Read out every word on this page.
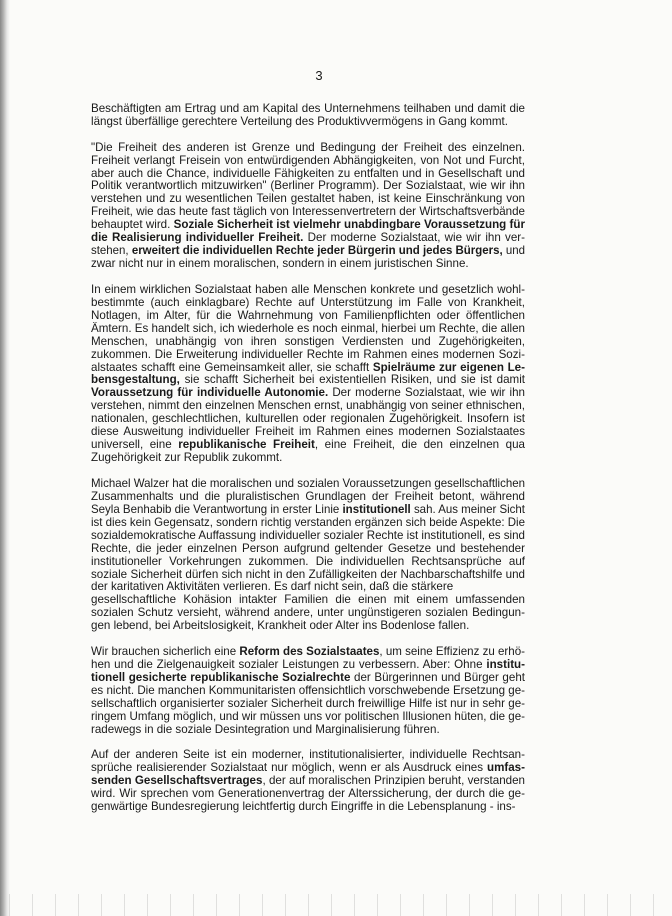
3

Beschäftigten am Ertrag und am Kapital des Unternehmens teilhaben und damit die
längst überfällige gerechtere Verteilung des Produktivvermögens in Gang kommt.

"Die Freiheit des anderen ist Grenze und Bedingung der Freiheit des einzelnen.
Freiheit verlangt Freisein von entwürdigenden Abhängigkeiten, von Not und Furcht,
aber auch die Chance, individuelle Fähigkeiten zu entfalten und in Gesellschaft und
Politik verantwortlich mitzuwirken" (Berliner Programm). Der Sozialstaat, wie wir ihn
verstehen und zu wesentlichen Teilen gestaltet haben, ist keine Einschränkung von
Freiheit, wie das heute fast täglich von Interessenvertretern der Wirtschaftsverbände
behauptet wird. Soziale Sicherheit ist vielmehr unabdingbare Voraussetzung für
die Realisierung individueller Freiheit. Der moderne Sozialstaat, wie wir ihn ver-
stehen, erweitert die individuellen Rechte jeder Bürgerin und jedes Bürgers, und
zwar nicht nur in einem moralischen, sondern in einem juristischen Sinne.

In einem wirklichen Sozialstaat haben alle Menschen konkrete und gesetzlich wohl-
bestimmte (auch einklagbare) Rechte auf Unterstützung im Falle von Krankheit,
Notlagen, im Alter, für die Wahrnehmung von Familienpflichten oder öffentlichen
Ämtern. Es handelt sich, ich wiederhole es noch einmal, hierbei um Rechte, die allen
Menschen, unabhängig von ihren sonstigen Verdiensten und Zugehörigkeiten,
zukommen. Die Erweiterung individueller Rechte im Rahmen eines modernen Sozi-
alstaates schafft eine Gemeinsamkeit aller, sie schafft Spielräume zur eigenen Le-
bensgestaltung, sie schafft Sicherheit bei existentiellen Risiken, und sie ist damit
Voraussetzung für individuelle Autonomie. Der moderne Sozialstaat, wie wir ihn
verstehen, nimmt den einzelnen Menschen ernst, unabhängig von seiner ethnischen,
nationalen, geschlechtlichen, kulturellen oder regionalen Zugehörigkeit. Insofern ist
diese Ausweitung individueller Freiheit im Rahmen eines modernen Sozialstaates
universell, eine republikanische Freiheit, eine Freiheit, die den einzelnen qua
Zugehörigkeit zur Republik zukommt.

Michael Walzer hat die moralischen und sozialen Voraussetzungen gesellschaftlichen
Zusammenhalts und die pluralistischen Grundlagen der Freiheit betont, während
Seyla Benhabib die Verantwortung in erster Linie institutionell sah. Aus meiner Sicht
ist dies kein Gegensatz, sondern richtig verstanden ergänzen sich beide Aspekte: Die
sozialdemokratische Auffassung individueller sozialer Rechte ist institutionell, es sind
Rechte, die jeder einzelnen Person aufgrund geltender Gesetze und bestehender
institutioneller Vorkehrungen zukommen. Die individuellen Rechtsansprüche auf
soziale Sicherheit dürfen sich nicht in den Zufälligkeiten der Nachbarschaftshilfe und
der karitativen Aktivitäten verlieren. Es darf nicht sein, daß die stärkere
gesellschaftliche Kohäsion intakter Familien die einen mit einem umfassenden
sozialen Schutz versieht, während andere, unter ungünstigeren sozialen Bedingun-
gen lebend, bei Arbeitslosigkeit, Krankheit oder Alter ins Bodenlose fallen.

Wir brauchen sicherlich eine Reform des Sozialstaates, um seine Effizienz zu erhö-
hen und die Zielgenauigkeit sozialer Leistungen zu verbessern. Aber: Ohne institu-
tionell gesicherte republikanische Sozialrechte der Bürgerinnen und Bürger geht
es nicht. Die manchen Kommunitaristen offensichtlich vorschwebende Ersetzung ge-
sellschaftlich organisierter sozialer Sicherheit durch freiwillige Hilfe ist nur in sehr ge-
ringem Umfang möglich, und wir müssen uns vor politischen Illusionen hüten, die ge-
radewegs in die soziale Desintegration und Marginalisierung führen.

Auf der anderen Seite ist ein moderner, institutionalisierter, individuelle Rechtsan-
sprüche realisierender Sozialstaat nur möglich, wenn er als Ausdruck eines umfas-
senden Gesellschaftsvertrages, der auf moralischen Prinzipien beruht, verstanden
wird. Wir sprechen vom Generationenvertrag der Alterssicherung, der durch die ge-
genwärtige Bundesregierung leichtfertig durch Eingriffe in die Lebensplanung - ins-
